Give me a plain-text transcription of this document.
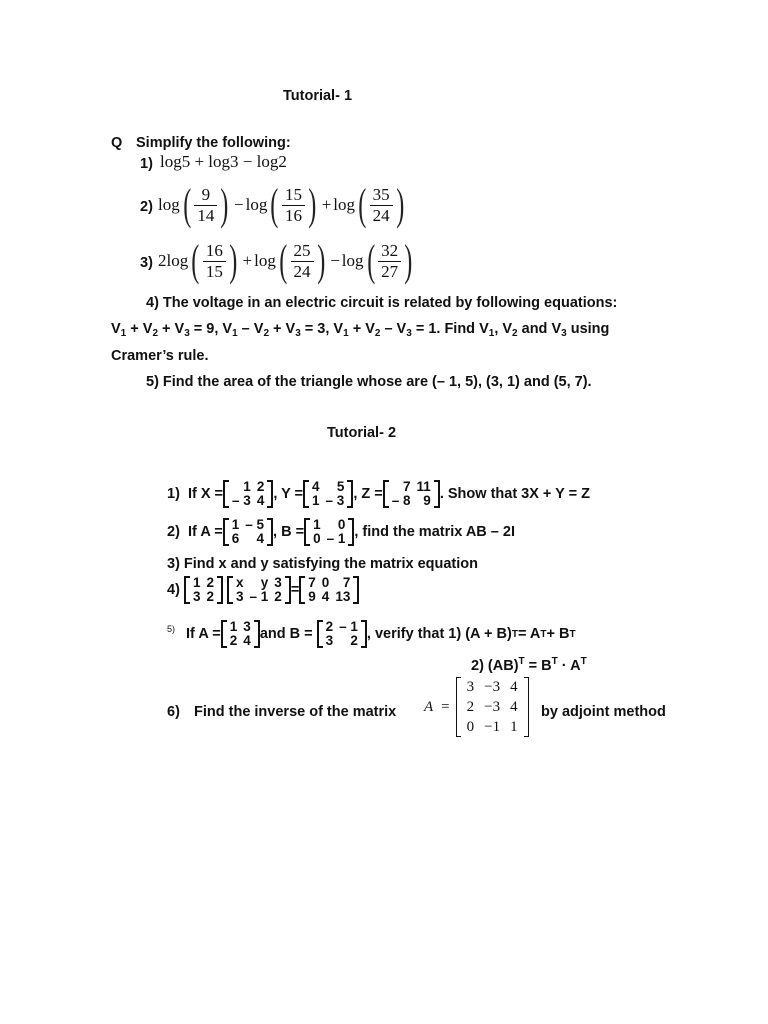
Tutorial- 1
Q Simplify the following:
1) log5 + log3 − log2
2) log ( $\frac{9}{14}$ ) − log ( $\frac{15}{16}$ ) + log ( $\frac{35}{24}$ )
3) 2log ( $\frac{16}{15}$ ) + log ( $\frac{25}{24}$ ) − log ( $\frac{32}{27}$ )
4) The voltage in an electric circuit is related by following equations:
$V_1 + V_2 + V_3 = 9$, $V_1 - V_2 + V_3 = 3$, $V_1 + V_2 - V_3 = 1$. Find $V_1$, $V_2$ and $V_3$ using
Cramer’s rule.
5) Find the area of the triangle whose are (– 1, 5), (3, 1) and (5, 7).
Tutorial- 2
1)
If X = 1	2
– 3	4 , Y = 4	5
1	– 3 , Z = 7	11
– 8	9 . Show that 3X + Y = Z
2)
If A = 1	– 5
6	4 , B = 1	0
0	– 1 , find the matrix AB – 2I
3) Find x and y satisfying the matrix equation
4)
1	2
3	2

x	y	3
3	– 1	2 = 7	0	7
9	4	13
5) If A = 1	3
2	4 and B =
2	– 1
3	2 , verify that 1) (A + B) T = A T + B T
2) $(AB)^T = B^T \cdot A^T$
6) Find the inverse of the matrix A =
3	−3	4
2	−3	4
0	−1	1
by adjoint method
